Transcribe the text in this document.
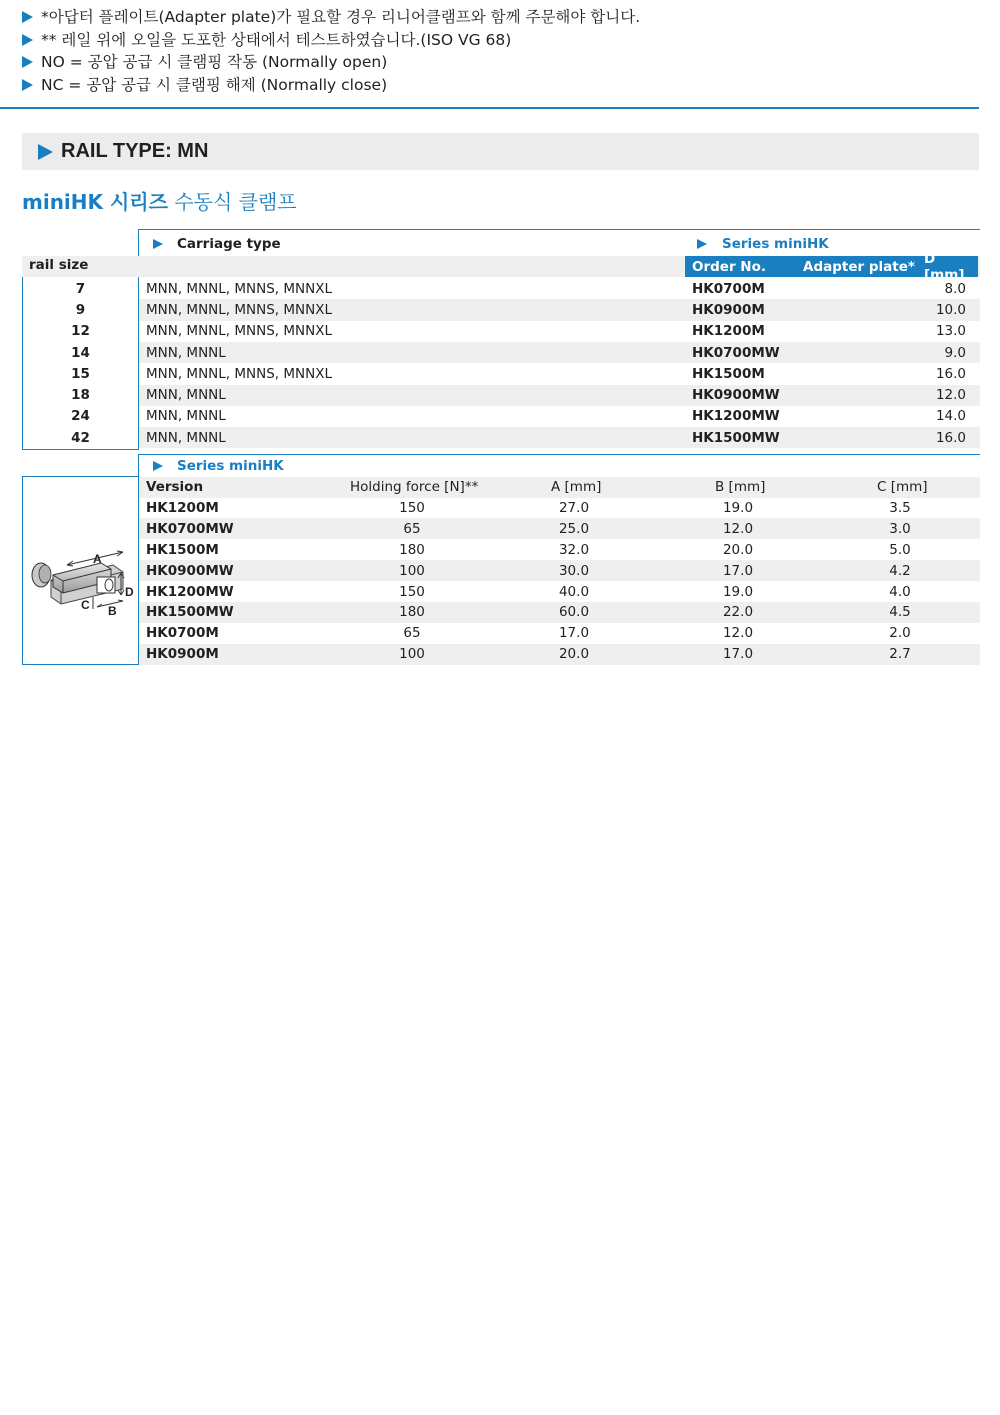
*아답터 플레이트(Adapter plate)가 필요할 경우 리니어클램프와 함께 주문해야 합니다.
** 레일 위에 오일을 도포한 상태에서 테스트하였습니다.(ISO VG 68)
NO = 공압 공급 시 클램핑 작동 (Normally open)
NC = 공압 공급 시 클램핑 해제 (Normally close)
RAIL TYPE: MN
miniHK 시리즈 수동식 클램프
Carriage type	Series miniHK
rail size	Order No.	Adapter plate* D [mm]
7	MNN, MNNL, MNNS, MNNXL	HK0700M	8.0
9	MNN, MNNL, MNNS, MNNXL	HK0900M	10.0
12	MNN, MNNL, MNNS, MNNXL	HK1200M	13.0
14	MNN, MNNL	HK0700MW	9.0
15	MNN, MNNL, MNNS, MNNXL	HK1500M	16.0
18	MNN, MNNL	HK0900MW	12.0
24	MNN, MNNL	HK1200MW	14.0
42	MNN, MNNL	HK1500MW	16.0
A
D
C B
Series miniHK
Version	Holding force [N]**	A [mm]	B [mm]	C [mm]
HK1200M	150	27.0	19.0	3.5
HK0700MW	65	25.0	12.0	3.0
HK1500M	180	32.0	20.0	5.0
HK0900MW	100	30.0	17.0	4.2
HK1200MW	150	40.0	19.0	4.0
HK1500MW	180	60.0	22.0	4.5
HK0700M	65	17.0	12.0	2.0
HK0900M	100	20.0	17.0	2.7
